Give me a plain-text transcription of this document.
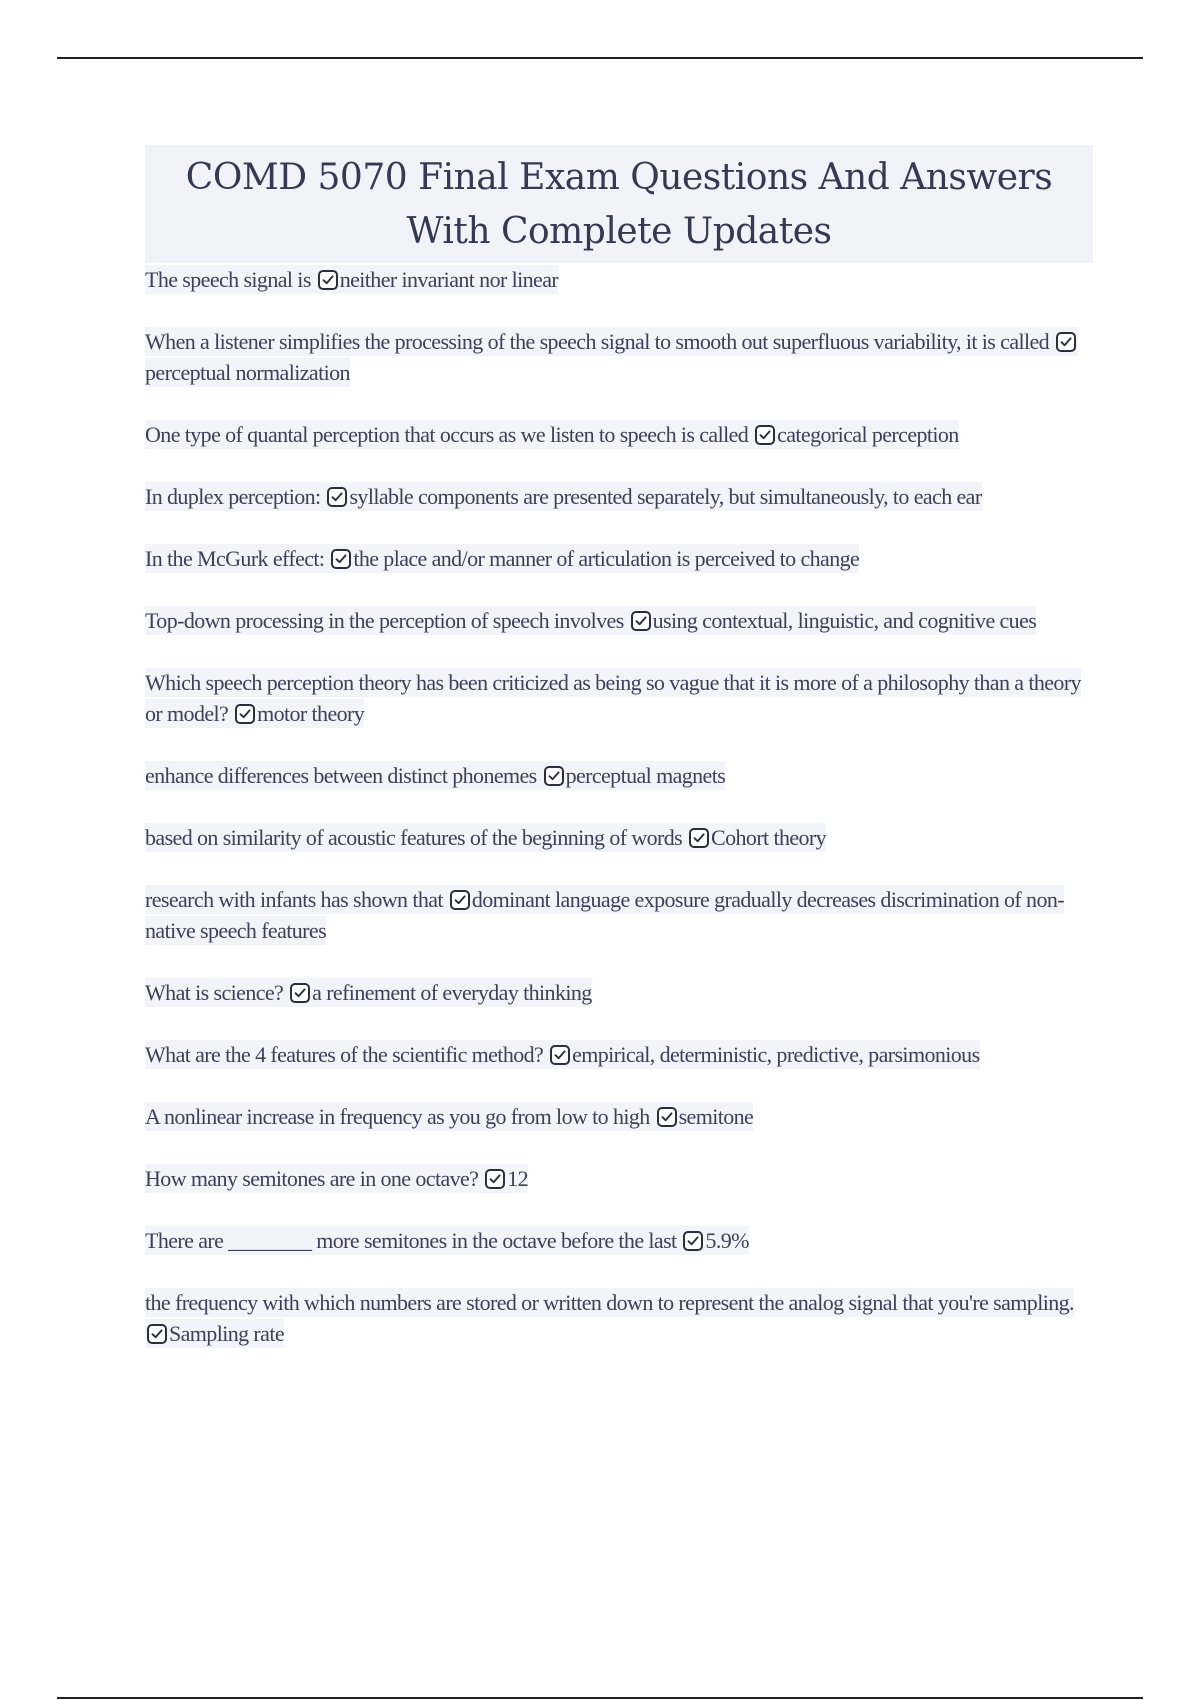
COMD 5070 Final Exam Questions And Answers With Complete Updates
The speech signal is neither invariant nor linear
When a listener simplifies the processing of the speech signal to smooth out superfluous variability, it is called
perceptual normalization
One type of quantal perception that occurs as we listen to speech is called categorical perception
In duplex perception: syllable components are presented separately, but simultaneously, to each ear
In the McGurk effect: the place and/or manner of articulation is perceived to change
Top-down processing in the perception of speech involves using contextual, linguistic, and cognitive cues
Which speech perception theory has been criticized as being so vague that it is more of a philosophy than a theory or model? motor theory
enhance differences between distinct phonemes perceptual magnets
based on similarity of acoustic features of the beginning of words Cohort theory
research with infants has shown that dominant language exposure gradually decreases discrimination of non-native speech features
What is science? a refinement of everyday thinking
What are the 4 features of the scientific method? empirical, deterministic, predictive, parsimonious
A nonlinear increase in frequency as you go from low to high semitone
How many semitones are in one octave? 12
There are ________ more semitones in the octave before the last 5.9%
the frequency with which numbers are stored or written down to represent the analog signal that you're sampling.
Sampling rate
